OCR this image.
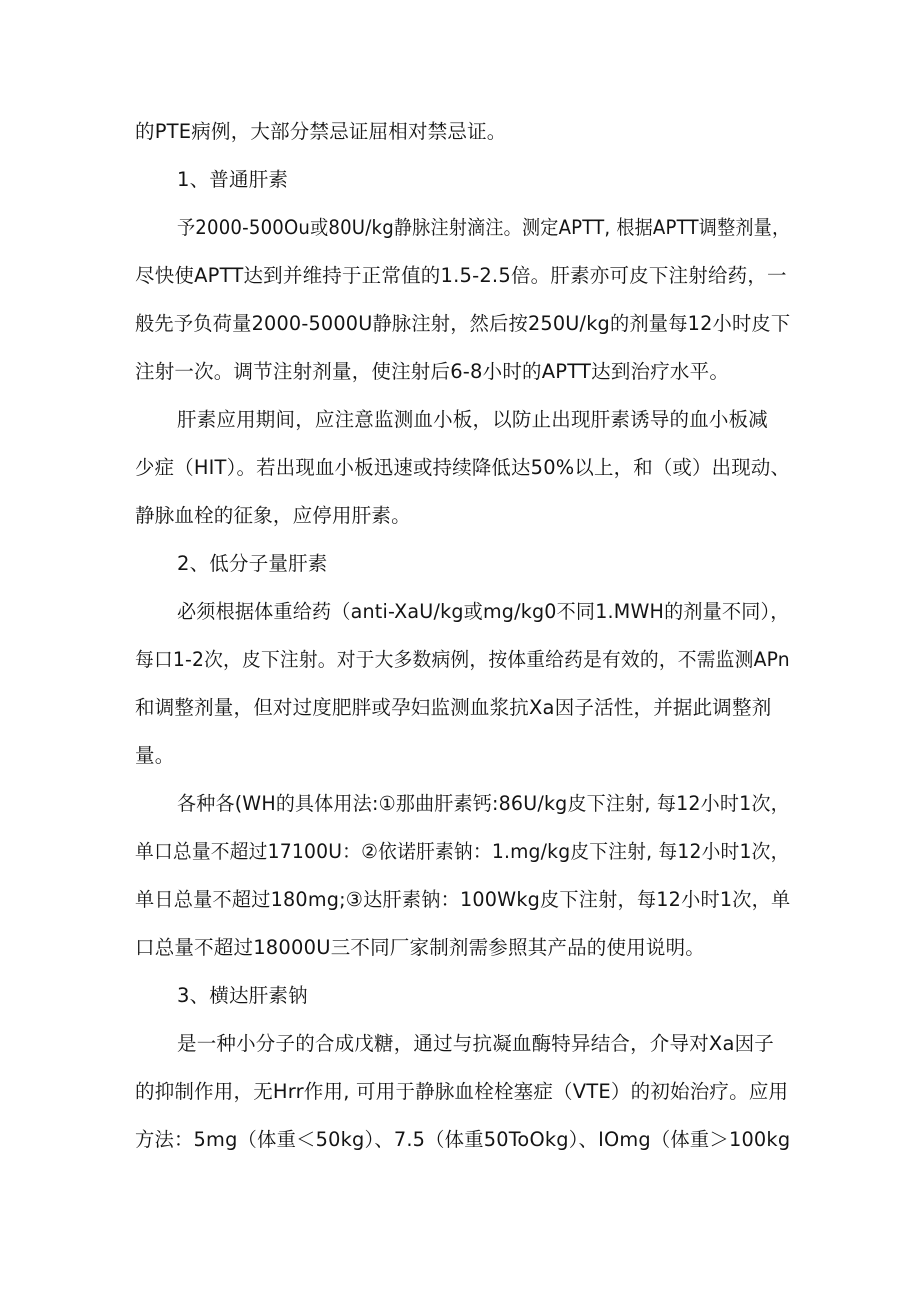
的PTE病例，大部分禁忌证屈相对禁忌证。
1、普通肝素
予2000-500Ou或80U/kg静脉注射滴注。测定APTT, 根据APTT调整剂量，
尽快使APTT达到并维持于正常值的1.5-2.5倍。肝素亦可皮下注射给药，一
般先予负荷量2000-5000U静脉注射，然后按250U/kg的剂量每12小时皮下
注射一次。调节注射剂量，使注射后6-8小时的APTT达到治疗水平。
肝素应用期间，应注意监测血小板，以防止出现肝素诱导的血小板减
少症（HIT）。若出现血小板迅速或持续降低达50%以上，和（或）出现动、
静脉血栓的征象，应停用肝素。
2、低分子量肝素
必须根据体重给药（anti-XaU/kg或mg/kg0不同1.MWH的剂量不同），
每口1-2次，皮下注射。对于大多数病例，按体重给药是有效的，不需监测APn
和调整剂量，但对过度肥胖或孕妇监测血浆抗Xa因子活性，并据此调整剂
量。
各种各(WH的具体用法:①那曲肝素钙:86U/kg皮下注射, 每12小时1次，
单口总量不超过17100U：②依诺肝素钠：1.mg/kg皮下注射, 每12小时1次，
单日总量不超过180mg;③达肝素钠：100Wkg皮下注射，每12小时1次，单
口总量不超过18000U三不同厂家制剂需参照其产品的使用说明。
3、横达肝素钠
是一种小分子的合成戊糖，通过与抗凝血酶特异结合，介导对Xa因子
的抑制作用，无Hrr作用, 可用于静脉血栓栓塞症（VTE）的初始治疗。应用
方法：5mg（体重＜50kg）、7.5（体重50ToOkg）、IOmg（体重＞100kg
